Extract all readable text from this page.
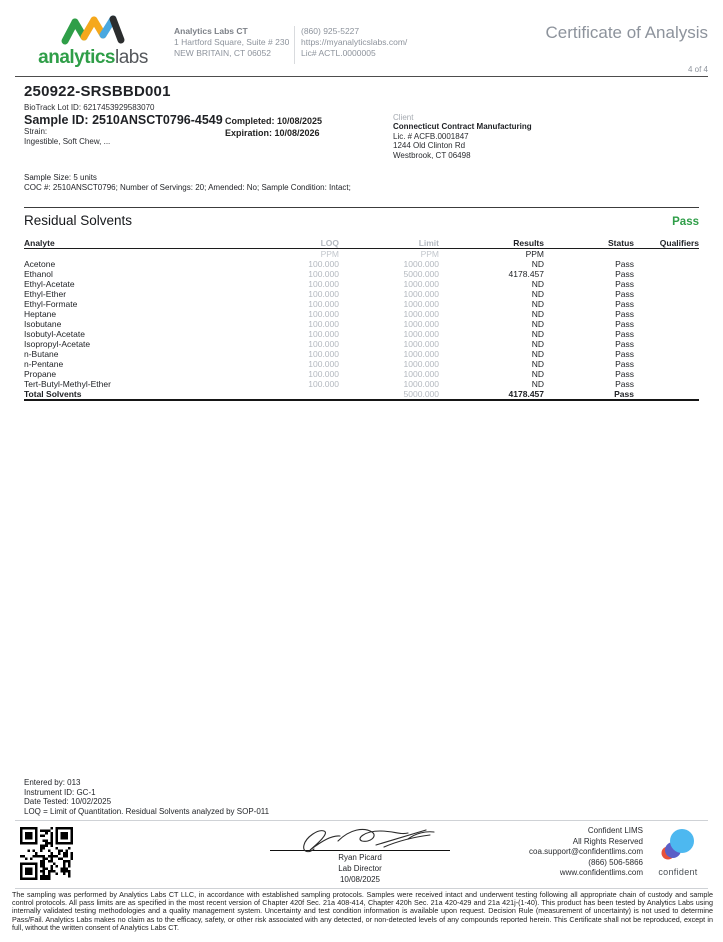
analyticslabs
Analytics Labs CT
1 Hartford Square, Suite # 230
NEW BRITAIN, CT 06052
(860) 925-5227
https://myanalyticslabs.com/
Lic# ACTL.0000005
Certificate of Analysis
4 of 4
250922-SRSBBD001
BioTrack Lot ID: 6217453929583070
Sample ID: 2510ANSCT0796-4549
Strain:
Ingestible, Soft Chew, ...
Completed: 10/08/2025
Expiration: 10/08/2026
Client
Connecticut Contract Manufacturing
Lic. # ACFB.0001847
1244 Old Clinton Rd
Westbrook, CT 06498
Sample Size: 5 units
COC #: 2510ANSCT0796; Number of Servings: 20; Amended: No; Sample Condition: Intact;
Residual Solvents	Pass
Analyte	LOQ	Limit	Results	Status	Qualifiers
	PPM	PPM	PPM		
Acetone	100.000	1000.000	ND	Pass	
Ethanol	100.000	5000.000	4178.457	Pass	
Ethyl-Acetate	100.000	1000.000	ND	Pass	
Ethyl-Ether	100.000	1000.000	ND	Pass	
Ethyl-Formate	100.000	1000.000	ND	Pass	
Heptane	100.000	1000.000	ND	Pass	
Isobutane	100.000	1000.000	ND	Pass	
Isobutyl-Acetate	100.000	1000.000	ND	Pass	
Isopropyl-Acetate	100.000	1000.000	ND	Pass	
n-Butane	100.000	1000.000	ND	Pass	
n-Pentane	100.000	1000.000	ND	Pass	
Propane	100.000	1000.000	ND	Pass	
Tert-Butyl-Methyl-Ether	100.000	1000.000	ND	Pass	
Total Solvents		5000.000	4178.457	Pass	
Entered by: 013
Instrument ID: GC-1
Date Tested: 10/02/2025
LOQ = Limit of Quantitation. Residual Solvents analyzed by SOP-011
Ryan Picard
Lab Director
10/08/2025
Confident LIMS
All Rights Reserved
coa.support@confidentlims.com
(866) 506-5866
www.confidentlims.com	confident

The sampling was performed by Analytics Labs CT LLC, in accordance with established sampling protocols. Samples were received intact and underwent testing following all appropriate chain of custody and sample control protocols. All pass limits are as specified in the most recent version of Chapter 420f Sec. 21a 408-414, Chapter 420h Sec. 21a 420-429 and 21a 421j-(1-40). This product has been tested by Analytics Labs using internally validated testing methodologies and a quality management system. Uncertainty and test condition information is available upon request. Decision Rule (measurement of uncertainty) is not used to determine Pass/Fail. Analytics Labs makes no claim as to the efficacy, safety, or other risk associated with any detected, or non-detected levels of any compounds reported herein. This Certificate shall not be reproduced, except in full, without the written consent of Analytics Labs CT.
